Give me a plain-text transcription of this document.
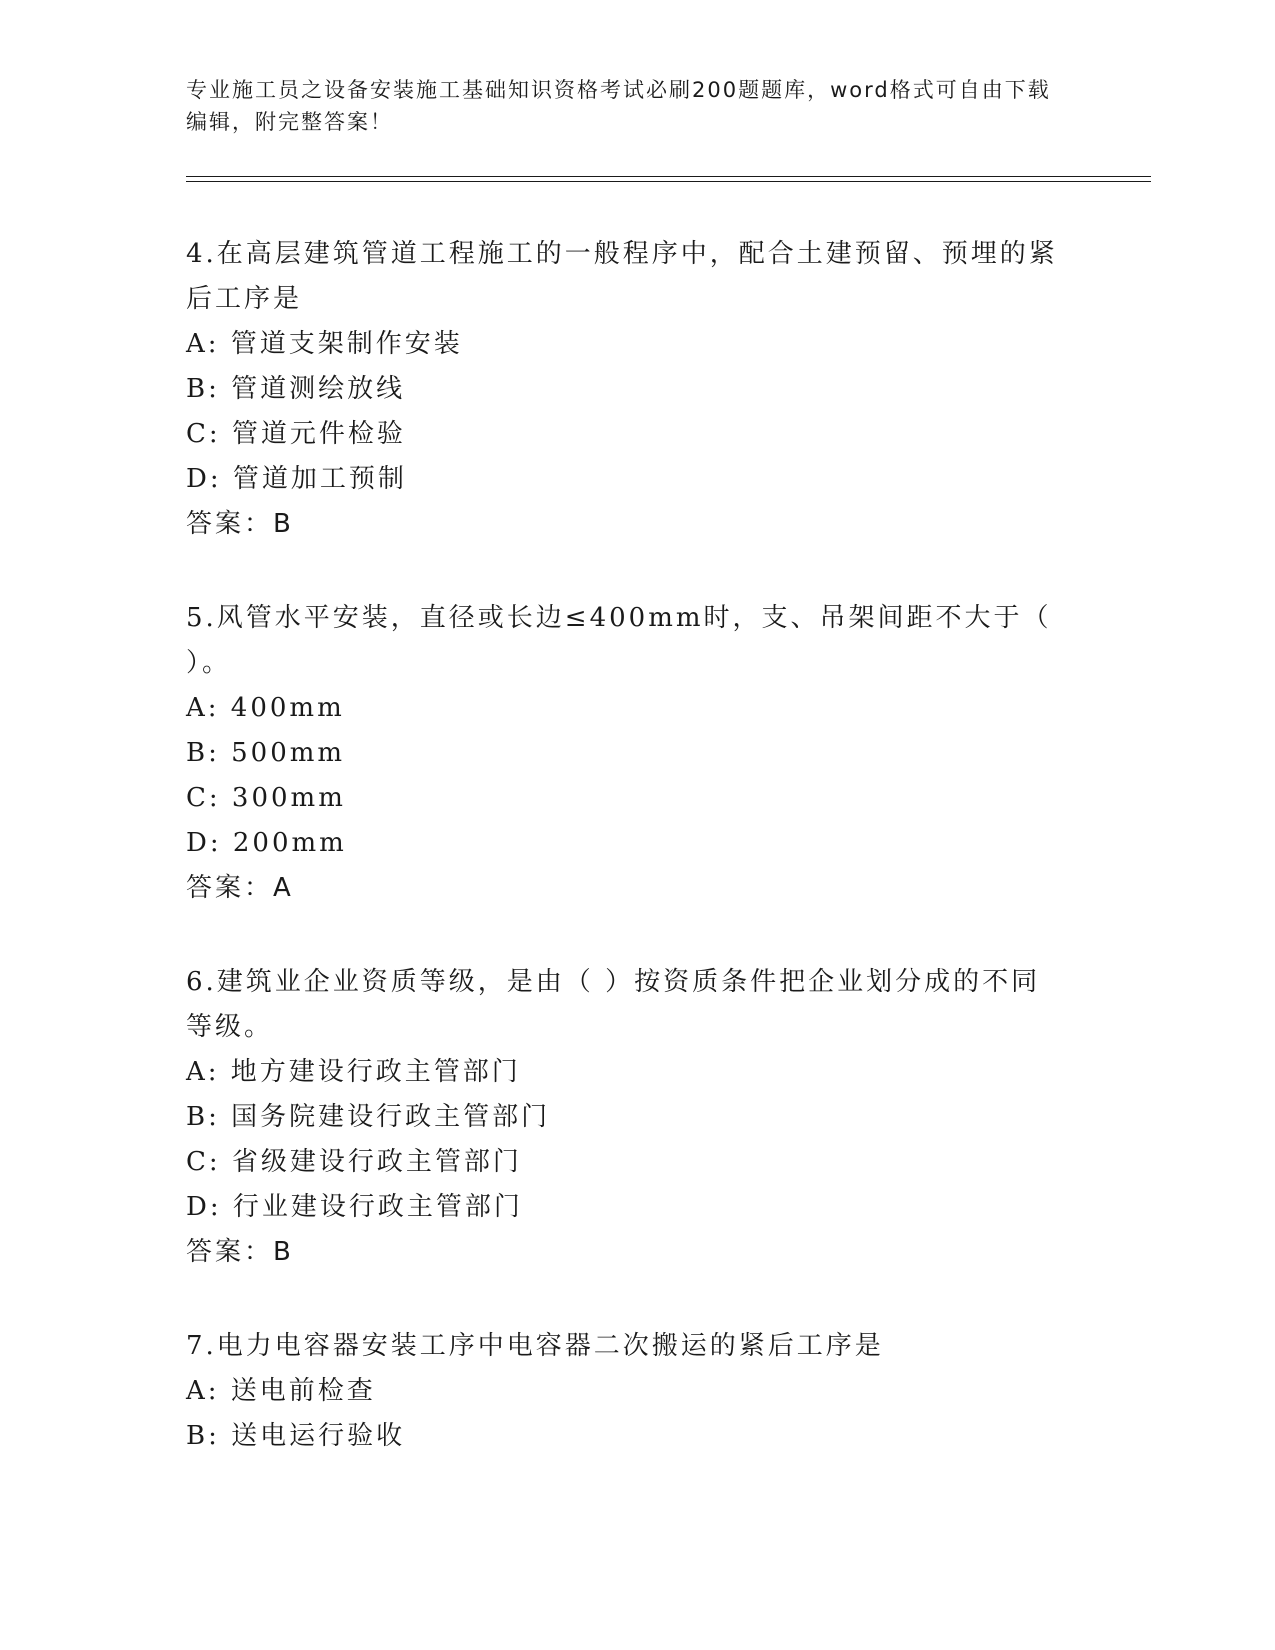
专业施工员之设备安装施工基础知识资格考试必刷200题题库，word格式可自由下载编辑，附完整答案！

4.在高层建筑管道工程施工的一般程序中，配合土建预留、预埋的紧后工序是

A: 管道支架制作安装

B: 管道测绘放线

C: 管道元件检验

D: 管道加工预制

答案：B

5.风管水平安装，直径或长边≤400mm时，支、吊架间距不大于（ ）。

A: 400mm

B: 500mm

C: 300mm

D: 200mm

答案：A

6.建筑业企业资质等级，是由（ ）按资质条件把企业划分成的不同等级。

A: 地方建设行政主管部门

B: 国务院建设行政主管部门

C: 省级建设行政主管部门

D: 行业建设行政主管部门

答案：B

7.电力电容器安装工序中电容器二次搬运的紧后工序是

A: 送电前检查

B: 送电运行验收
